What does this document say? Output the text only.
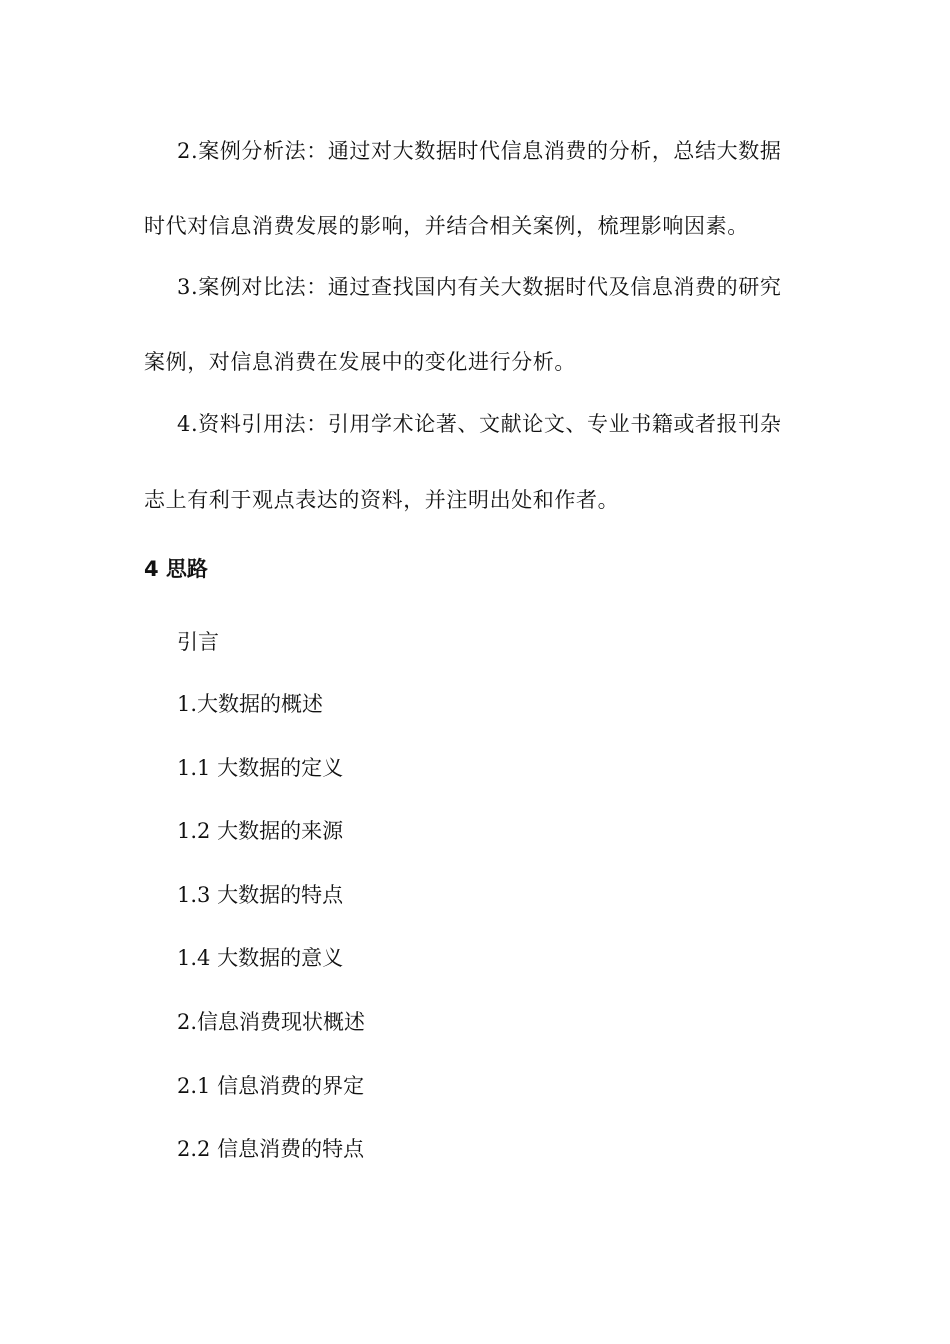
2.案例分析法：通过对大数据时代信息消费的分析，总结大数据
时代对信息消费发展的影响，并结合相关案例，梳理影响因素。
3.案例对比法：通过查找国内有关大数据时代及信息消费的研究
案例，对信息消费在发展中的变化进行分析。
4.资料引用法：引用学术论著、文献论文、专业书籍或者报刊杂
志上有利于观点表达的资料，并注明出处和作者。
4 思路
引言
1.大数据的概述
1.1 大数据的定义
1.2 大数据的来源
1.3 大数据的特点
1.4 大数据的意义
2.信息消费现状概述
2.1 信息消费的界定
2.2 信息消费的特点
